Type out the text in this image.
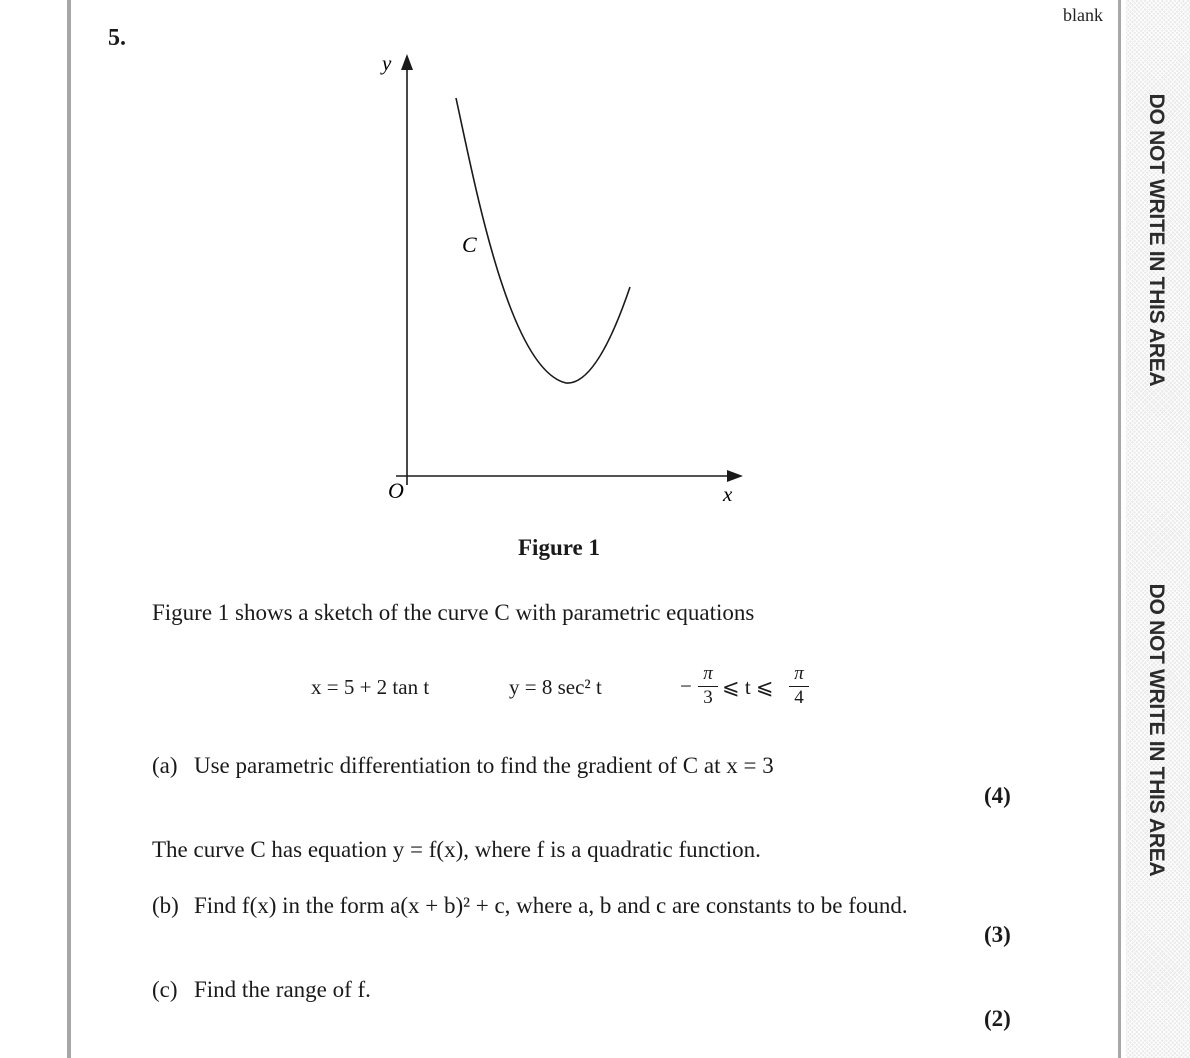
blank
DO NOT WRITE IN THIS AREA
DO NOT WRITE IN THIS AREA
5.
y
x
O
C
Figure 1
Figure 1 shows a sketch of the curve C with parametric equations
x = 5 + 2 tan t	y = 8 sec² t	−
π
3 ⩽ t ⩽
π
4
(a) Use parametric differentiation to find the gradient of C at x = 3
(4)
The curve C has equation y = f(x), where f is a quadratic function.
(b) Find f(x) in the form a(x + b)² + c, where a, b and c are constants to be found.
(3)
(c) Find the range of f.
(2)
